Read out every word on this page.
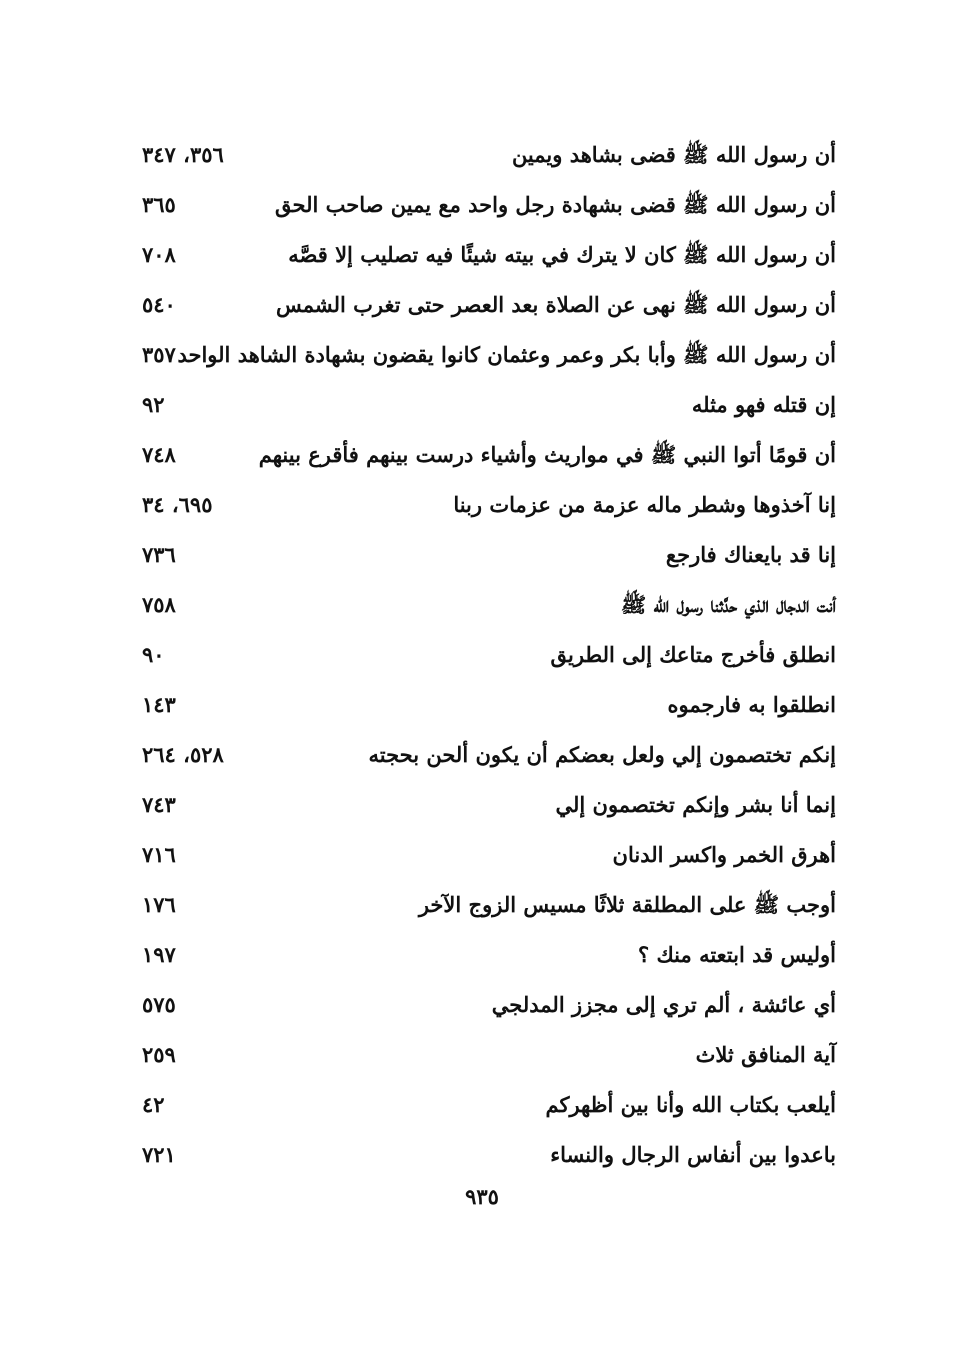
أن رسول الله ﷺ قضى بشاهد ويمين
٣٥٦، ٣٤٧
أن رسول الله ﷺ قضى بشهادة رجل واحد مع يمين صاحب الحق
٣٦٥
أن رسول الله ﷺ كان لا يترك في بيته شيئًا فيه تصليب إلا قصَّه
٧٠٨
أن رسول الله ﷺ نهى عن الصلاة بعد العصر حتى تغرب الشمس
٥٤٠
أن رسول الله ﷺ وأبا بكر وعمر وعثمان كانوا يقضون بشهادة الشاهد الواحد
٣٥٧
إن قتله فهو مثله
٩٢
أن قومًا أتوا النبي ﷺ في مواريث وأشياء درست بينهم فأقرع بينهم
٧٤٨
إنا آخذوها وشطر ماله عزمة من عزمات ربنا
٦٩٥، ٣٤
إنا قد بايعناك فارجع
٧٣٦
أنت الدجال الذي حدَّثنا رسول الله ﷺ
٧٥٨
انطلق فأخرج متاعك إلى الطريق
٩٠
انطلقوا به فارجموه
١٤٣
إنكم تختصمون إلي ولعل بعضكم أن يكون ألحن بحجته
٥٢٨، ٢٦٤
إنما أنا بشر وإنكم تختصمون إلي
٧٤٣
أهرق الخمر واكسر الدنان
٧١٦
أوجب ﷺ على المطلقة ثلاثًا مسيس الزوج الآخر
١٧٦
أوليس قد ابتعته منك ؟
١٩٧
أي عائشة ، ألم تري إلى مجزز المدلجي
٥٧٥
آية المنافق ثلاث
٢٥٩
أيلعب بكتاب الله وأنا بين أظهركم
٤٢
باعدوا بين أنفاس الرجال والنساء
٧٢١
٩٣٥
